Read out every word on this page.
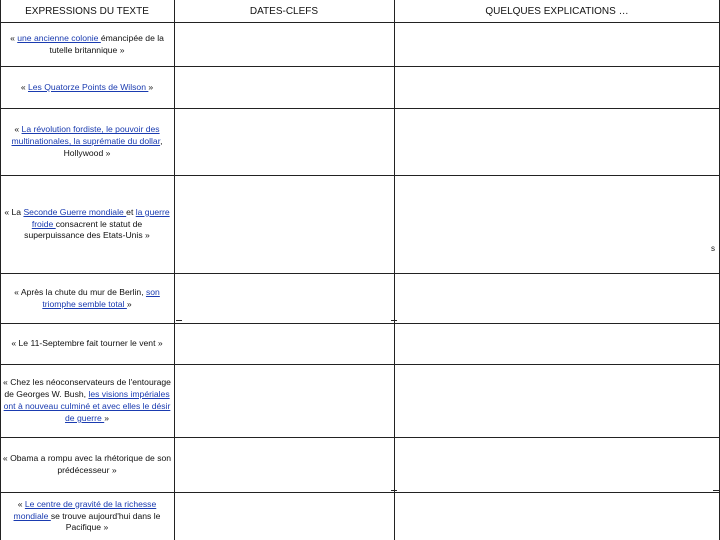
EXPRESSIONS DU TEXTE	DATES-CLEFS	QUELQUES EXPLICATIONS …
« une ancienne colonie émancipée de la tutelle britannique »
« Les Quatorze Points de Wilson »
« La révolution fordiste, le pouvoir des multinationales, la suprématie du dollar, Hollywood »
« La Seconde Guerre mondiale et la guerre froide consacrent le statut de superpuissance des Etats-Unis »
« Après la chute du mur de Berlin, son triomphe semble total »
« Le 11-Septembre fait tourner le vent »
« Chez les néoconservateurs de l'entourage de Georges W. Bush, les visions impériales ont à nouveau culminé et avec elles le désir de guerre »
« Obama a rompu avec la rhétorique de son prédécesseur »
« Le centre de gravité de la richesse mondiale se trouve aujourd'hui dans le Pacifique »
s
